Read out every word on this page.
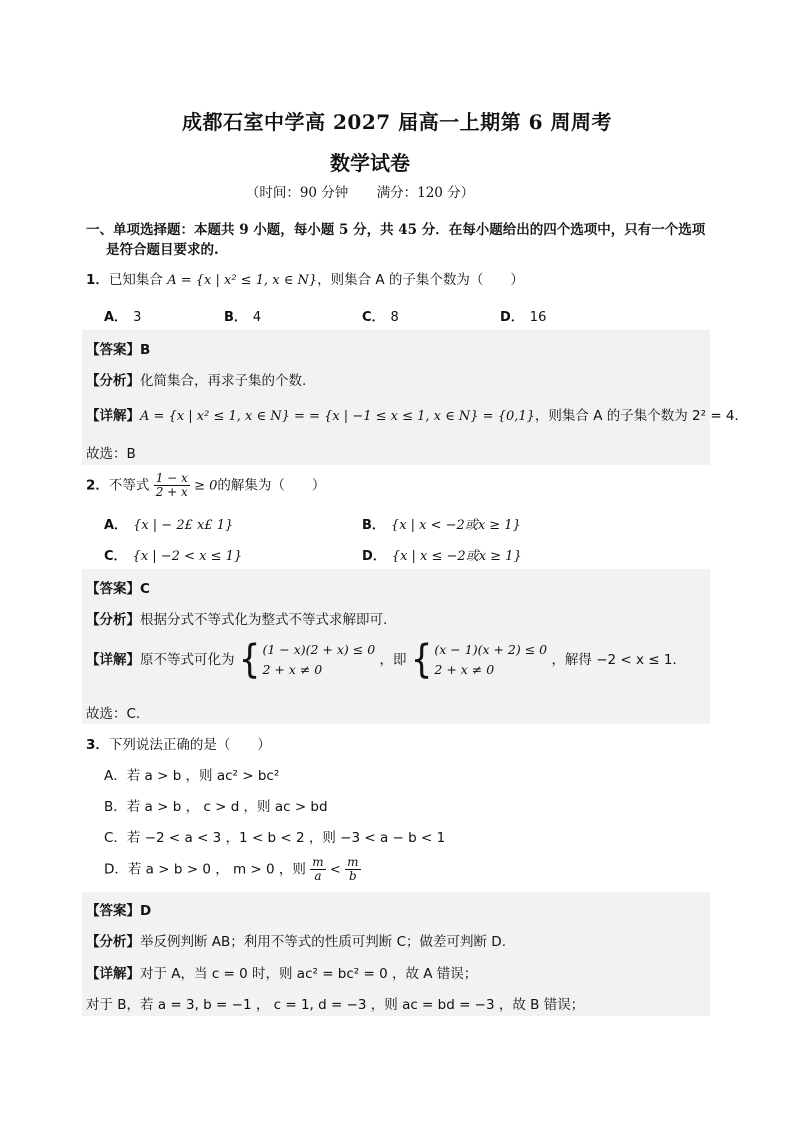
成都石室中学高 2027 届高一上期第 6 周周考
数学试卷
（时间：90 分钟 满分：120 分）
一、单项选择题：本题共 9 小题，每小题 5 分，共 45 分．在每小题给出的四个选项中，只有一个选项
是符合题目要求的.
1．已知集合 A = {x | x² ≤ 1, x ∈ N}，则集合 A 的子集个数为（　　）
A． 3	B． 4	C． 8	D． 16
【答案】B
【分析】化简集合，再求子集的个数.
【详解】A = {x | x² ≤ 1, x ∈ N} = = {x | −1 ≤ x ≤ 1, x ∈ N} = {0,1}，则集合 A 的子集个数为 2² = 4．
故选：B
2．不等式 $\frac{1 - x}{2 + x} \ge 0$的解集为（　　）
A． {x | − 2£ x£ 1}	B． {x | x < −2或x ≥ 1}
C． {x | −2 < x ≤ 1}	D． {x | x ≤ −2或x ≥ 1}
【答案】C
【分析】根据分式不等式化为整式不等式求解即可.
【详解】原不等式可化为 { (1 − x)(2 + x) ≤ 0
2 + x ≠ 0
，即 { (x − 1)(x + 2) ≤ 0
2 + x ≠ 0
，解得 −2 < x ≤ 1．
故选：C.
3．下列说法正确的是（　　）
A．若 a > b ，则 ac² > bc²
B．若 a > b ， c > d ，则 ac > bd
C．若 −2 < a < 3 ，1 < b < 2 ，则 −3 < a − b < 1
D．若 a > b > 0 ， m > 0 ，则 $\frac{m}{a} < \frac{m}{b}$
【答案】D
【分析】举反例判断 AB；利用不等式的性质可判断 C；做差可判断 D.
【详解】对于 A，当 c = 0 时，则 ac² = bc² = 0 ，故 A 错误；
对于 B，若 a = 3, b = −1 ， c = 1, d = −3 ，则 ac = bd = −3 ，故 B 错误；
